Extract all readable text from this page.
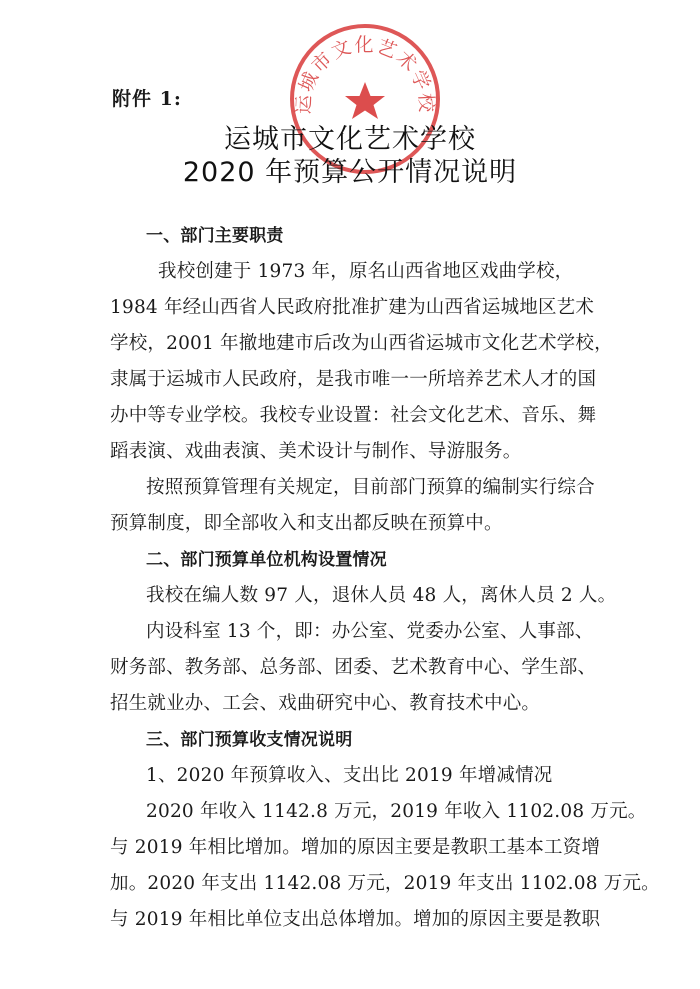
运城市文化艺术学校
附件 1:
运城市文化艺术学校
2020 年预算公开情况说明
一、部门主要职责
我校创建于 1973 年，原名山西省地区戏曲学校，
1984 年经山西省人民政府批准扩建为山西省运城地区艺术
学校，2001 年撤地建市后改为山西省运城市文化艺术学校，
隶属于运城市人民政府，是我市唯一一所培养艺术人才的国
办中等专业学校。我校专业设置：社会文化艺术、音乐、舞
蹈表演、戏曲表演、美术设计与制作、导游服务。
按照预算管理有关规定，目前部门预算的编制实行综合
预算制度，即全部收入和支出都反映在预算中。
二、部门预算单位机构设置情况
我校在编人数 97 人，退休人员 48 人，离休人员 2 人。
内设科室 13 个，即：办公室、党委办公室、人事部、
财务部、教务部、总务部、团委、艺术教育中心、学生部、
招生就业办、工会、戏曲研究中心、教育技术中心。
三、部门预算收支情况说明
1、2020 年预算收入、支出比 2019 年增减情况
2020 年收入 1142.8 万元，2019 年收入 1102.08 万元。
与 2019 年相比增加。增加的原因主要是教职工基本工资增
加。2020 年支出 1142.08 万元，2019 年支出 1102.08 万元。
与 2019 年相比单位支出总体增加。增加的原因主要是教职
